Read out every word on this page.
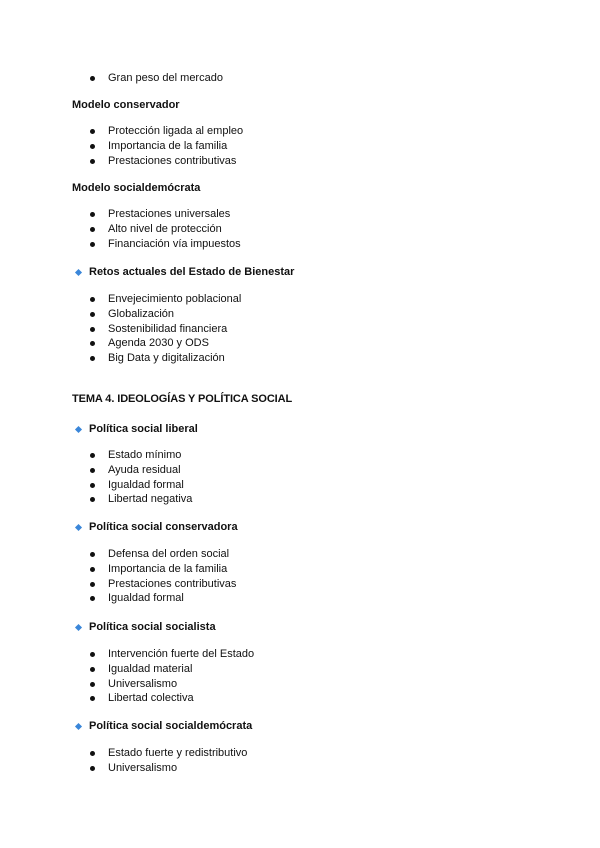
Gran peso del mercado
Modelo conservador
Protección ligada al empleo
Importancia de la familia
Prestaciones contributivas
Modelo socialdemócrata
Prestaciones universales
Alto nivel de protección
Financiación vía impuestos
Retos actuales del Estado de Bienestar
Envejecimiento poblacional
Globalización
Sostenibilidad financiera
Agenda 2030 y ODS
Big Data y digitalización
TEMA 4. IDEOLOGÍAS Y POLÍTICA SOCIAL
Política social liberal
Estado mínimo
Ayuda residual
Igualdad formal
Libertad negativa
Política social conservadora
Defensa del orden social
Importancia de la familia
Prestaciones contributivas
Igualdad formal
Política social socialista
Intervención fuerte del Estado
Igualdad material
Universalismo
Libertad colectiva
Política social socialdemócrata
Estado fuerte y redistributivo
Universalismo
